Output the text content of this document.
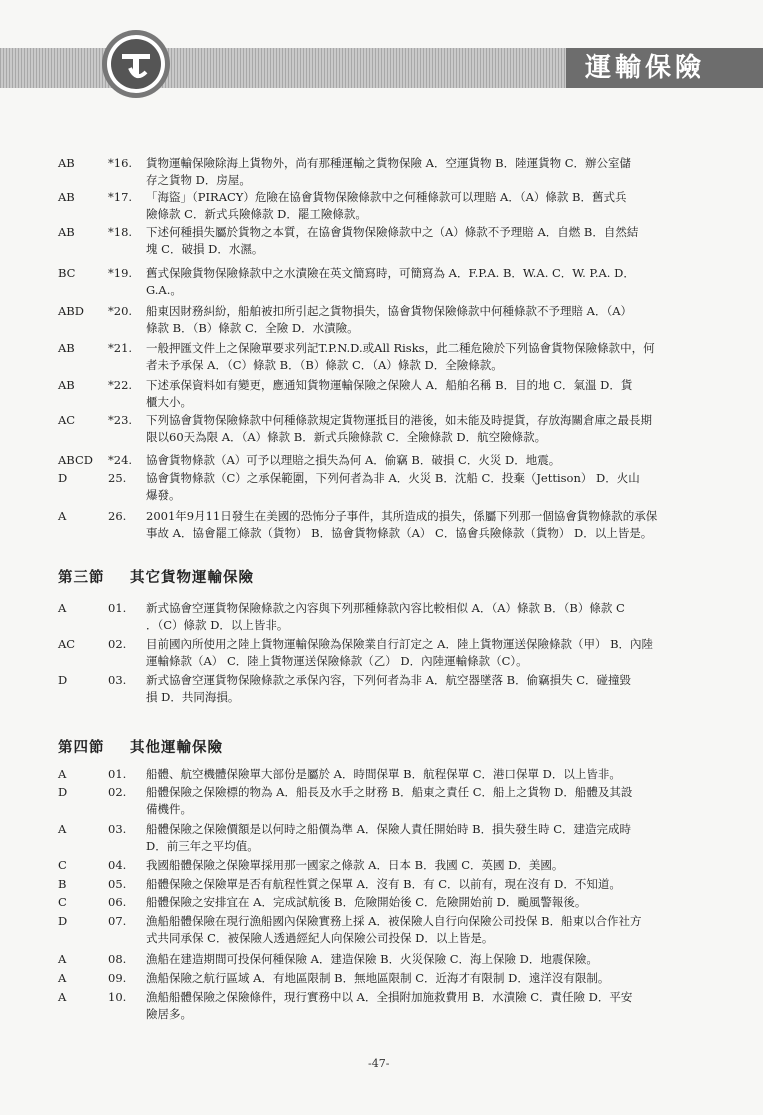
運輸保險
AB	*16. 貨物運輸保險除海上貨物外，尚有那種運輸之貨物保險 A．空運貨物 B．陸運貨物 C．辦公室儲
存之貨物 D．房屋。
AB	*17. 「海盜」（PIRACY）危險在協會貨物保險條款中之何種條款可以理賠 A．（A）條款 B．舊式兵
險條款 C．新式兵險條款 D．罷工險條款。
AB	*18. 下述何種損失屬於貨物之本質，在協會貨物保險條款中之（A）條款不予理賠 A．自燃 B．自然結
塊 C．破損 D．水濕。
BC	*19. 舊式保險貨物保險條款中之水漬險在英文簡寫時，可簡寫為 A．F.P.A. B．W.A. C．W. P.A. D．
G.A.。
ABD *20. 船東因財務糾紛，船舶被扣所引起之貨物損失，協會貨物保險條款中何種條款不予理賠 A．（A）
條款 B．（B）條款 C．全險 D．水漬險。
AB	*21. 一般押匯文件上之保險單要求列記T.P.N.D.或All Risks，此二種危險於下列協會貨物保險條款中，何
者未予承保 A．（C）條款 B．（B）條款 C．（A）條款 D．全險條款。
AB	*22. 下述承保資料如有變更，應通知貨物運輸保險之保險人 A．船舶名稱 B．目的地 C．氣溫 D．貨
櫃大小。
AC	*23. 下列協會貨物保險條款中何種條款規定貨物運抵目的港後，如未能及時提貨，存放海關倉庫之最長期
限以60天為限 A．（A）條款 B．新式兵險條款 C．全險條款 D．航空險條款。
ABCD *24. 協會貨物條款（A）可予以理賠之損失為何 A．偷竊 B．破損 C．火災 D．地震。
D	25. 協會貨物條款（C）之承保範圍，下列何者為非 A．火災 B．沈船 C．投棄（Jettison） D．火山
爆發。
A	26. 2001年9月11日發生在美國的恐怖分子事件，其所造成的損失，係屬下列那一個協會貨物條款的承保
事故 A．協會罷工條款（貨物） B．協會貨物條款（A） C．協會兵險條款（貨物） D．以上皆是。
第三節 其它貨物運輸保險
A	01. 新式協會空運貨物保險條款之內容與下列那種條款內容比較相似 A．（A）條款 B．（B）條款 C
．（C）條款 D．以上皆非。
AC	02. 目前國內所使用之陸上貨物運輸保險為保險業自行訂定之 A．陸上貨物運送保險條款（甲） B．內陸
運輸條款（A） C．陸上貨物運送保險條款（乙） D．內陸運輸條款（C）。
D	03. 新式協會空運貨物保險條款之承保內容，下列何者為非 A．航空器墜落 B．偷竊損失 C．碰撞毀
損 D．共同海損。
第四節 其他運輸保險
A	01. 船體、航空機體保險單大部份是屬於 A．時間保單 B．航程保單 C．港口保單 D．以上皆非。
D	02. 船體保險之保險標的物為 A．船長及水手之財務 B．船東之責任 C．船上之貨物 D．船體及其設
備機件。
A	03. 船體保險之保險價額是以何時之船價為準 A．保險人責任開始時 B．損失發生時 C．建造完成時
D．前三年之平均值。
C	04. 我國船體保險之保險單採用那一國家之條款 A．日本 B．我國 C．英國 D．美國。
B	05. 船體保險之保險單是否有航程性質之保單 A．沒有 B．有 C．以前有，現在沒有 D．不知道。
C	06. 船體保險之安排宜在 A．完成試航後 B．危險開始後 C．危險開始前 D．颱風警報後。
D	07. 漁船船體保險在現行漁船國內保險實務上採 A．被保險人自行向保險公司投保 B．船東以合作社方
式共同承保 C．被保險人透過經紀人向保險公司投保 D．以上皆是。
A	08. 漁船在建造期間可投保何種保險 A．建造保險 B．火災保險 C．海上保險 D．地震保險。
A	09. 漁船保險之航行區域 A．有地區限制 B．無地區限制 C．近海才有限制 D．遠洋沒有限制。
A	10. 漁船船體保險之保險條件，現行實務中以 A．全損附加施救費用 B．水漬險 C．責任險 D．平安
險居多。
-47-
